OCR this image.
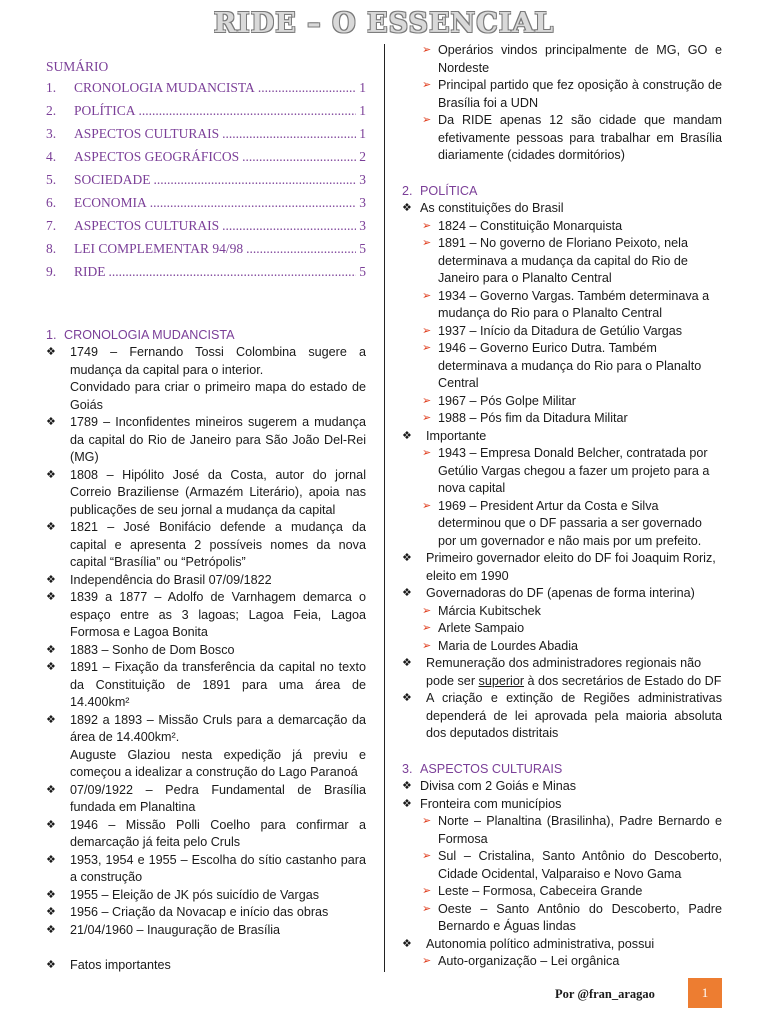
RIDE – O ESSENCIAL
SUMÁRIO
1.	CRONOLOGIA MUDANCISTA .....	1
2.	POLÍTICA .....	1
3.	ASPECTOS CULTURAIS .....	1
4.	ASPECTOS GEOGRÁFICOS .....	2
5.	SOCIEDADE .....	3
6.	ECONOMIA .....	3
7.	ASPECTOS CULTURAIS .....	3
8.	LEI COMPLEMENTAR 94/98 .....	5
9.	RIDE .....	5
1. CRONOLOGIA MUDANCISTA
❖	1749 – Fernando Tossi Colombina sugere a mudança da capital para o interior.
Convidado para criar o primeiro mapa do estado de Goiás
❖	1789 – Inconfidentes mineiros sugerem a mudança da capital do Rio de Janeiro para São João Del-Rei (MG)
❖	1808 – Hipólito José da Costa, autor do jornal Correio Braziliense (Armazém Literário), apoia nas publicações de seu jornal a mudança da capital
❖	1821 – José Bonifácio defende a mudança da capital e apresenta 2 possíveis nomes da nova capital “Brasília” ou “Petrópolis”
❖	Independência do Brasil 07/09/1822
❖	1839 a 1877 – Adolfo de Varnhagem demarca o espaço entre as 3 lagoas; Lagoa Feia, Lagoa Formosa e Lagoa Bonita
❖	1883 – Sonho de Dom Bosco
❖	1891 – Fixação da transferência da capital no texto da Constituição de 1891 para uma área de 14.400km²
❖	1892 a 1893 – Missão Cruls para a demarcação da área de 14.400km².
Auguste Glaziou nesta expedição já previu e começou a idealizar a construção do Lago Paranoá
❖	07/09/1922 – Pedra Fundamental de Brasília fundada em Planaltina
❖	1946 – Missão Polli Coelho para confirmar a demarcação já feita pelo Cruls
❖	1953, 1954 e 1955 – Escolha do sítio castanho para a construção
❖	1955 – Eleição de JK pós suicídio de Vargas
❖	1956 – Criação da Novacap e início das obras
❖	21/04/1960 – Inauguração de Brasília
❖	Fatos importantes
➢ Operários vindos principalmente de MG, GO e Nordeste
➢ Principal partido que fez oposição à construção de Brasília foi a UDN
➢ Da RIDE apenas 12 são cidade que mandam efetivamente pessoas para trabalhar em Brasília diariamente (cidades dormitórios)
2. POLÍTICA
❖ As constituições do Brasil
➢ 1824 – Constituição Monarquista
➢ 1891 – No governo de Floriano Peixoto, nela determinava a mudança da capital do Rio de Janeiro para o Planalto Central
➢ 1934 – Governo Vargas. Também determinava a mudança do Rio para o Planalto Central
➢ 1937 – Início da Ditadura de Getúlio Vargas
➢ 1946 – Governo Eurico Dutra. Também determinava a mudança do Rio para o Planalto Central
➢ 1967 – Pós Golpe Militar
➢ 1988 – Pós fim da Ditadura Militar
❖	Importante
➢ 1943 – Empresa Donald Belcher, contratada por Getúlio Vargas chegou a fazer um projeto para a nova capital
➢ 1969 – President Artur da Costa e Silva determinou que o DF passaria a ser governado por um governador e não mais por um prefeito.
❖	Primeiro governador eleito do DF foi Joaquim Roriz, eleito em 1990
❖	Governadoras do DF (apenas de forma interina)
➢ Márcia Kubitschek
➢ Arlete Sampaio
➢ Maria de Lourdes Abadia
❖	Remuneração dos administradores regionais não pode ser superior à dos secretários de Estado do DF
❖	A criação e extinção de Regiões administrativas dependerá de lei aprovada pela maioria absoluta dos deputados distritais
3. ASPECTOS CULTURAIS
❖ Divisa com 2 Goiás e Minas
❖ Fronteira com municípios
➢ Norte – Planaltina (Brasilinha), Padre Bernardo e Formosa
➢ Sul – Cristalina, Santo Antônio do Descoberto, Cidade Ocidental, Valparaiso e Novo Gama
➢ Leste – Formosa, Cabeceira Grande
➢ Oeste – Santo Antônio do Descoberto, Padre Bernardo e Águas lindas
❖	Autonomia político administrativa, possui
➢ Auto-organização – Lei orgânica
Por @fran_aragao	1
